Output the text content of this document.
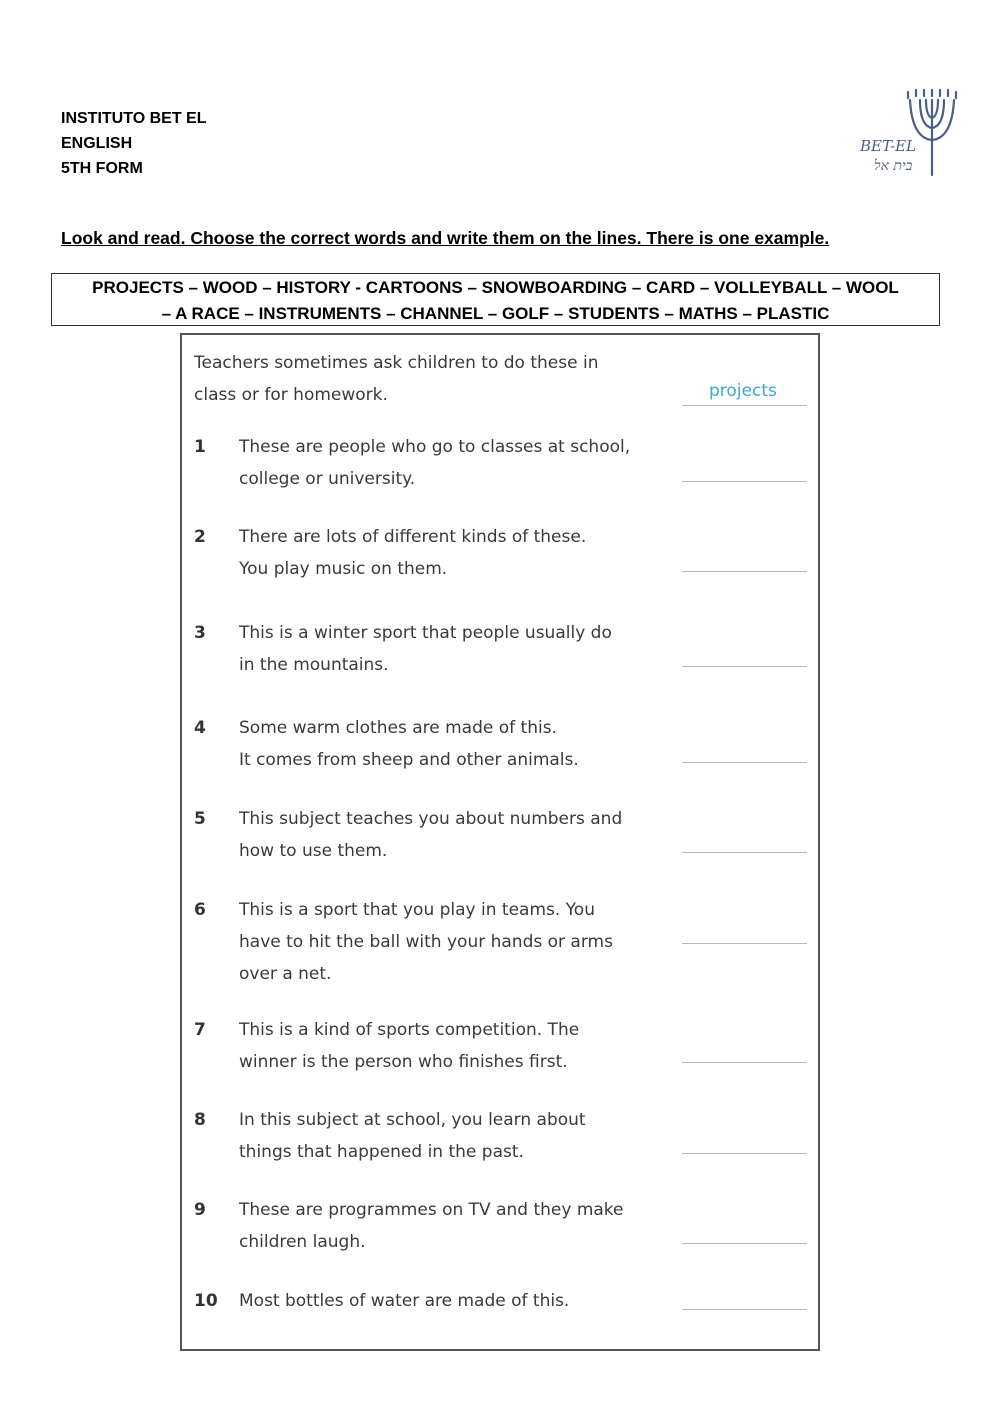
INSTITUTO BET EL
ENGLISH
5TH FORM
BET-EL
בית אל
Look and read. Choose the correct words and write them on the lines. There is one example.
PROJECTS – WOOD – HISTORY - CARTOONS – SNOWBOARDING – CARD – VOLLEYBALL – WOOL
– A RACE – INSTRUMENTS – CHANNEL – GOLF – STUDENTS – MATHS – PLASTIC
Teachers sometimes ask children to do these in
class or for homework.	projects
1	These are people who go to classes at school,
college or university.
2	There are lots of different kinds of these.
You play music on them.
3	This is a winter sport that people usually do
in the mountains.
4	Some warm clothes are made of this.
It comes from sheep and other animals.
5	This subject teaches you about numbers and
how to use them.
6	This is a sport that you play in teams. You
have to hit the ball with your hands or arms
over a net.
7	This is a kind of sports competition. The
winner is the person who finishes first.
8	In this subject at school, you learn about
things that happened in the past.
9	These are programmes on TV and they make
children laugh.
10	Most bottles of water are made of this.
